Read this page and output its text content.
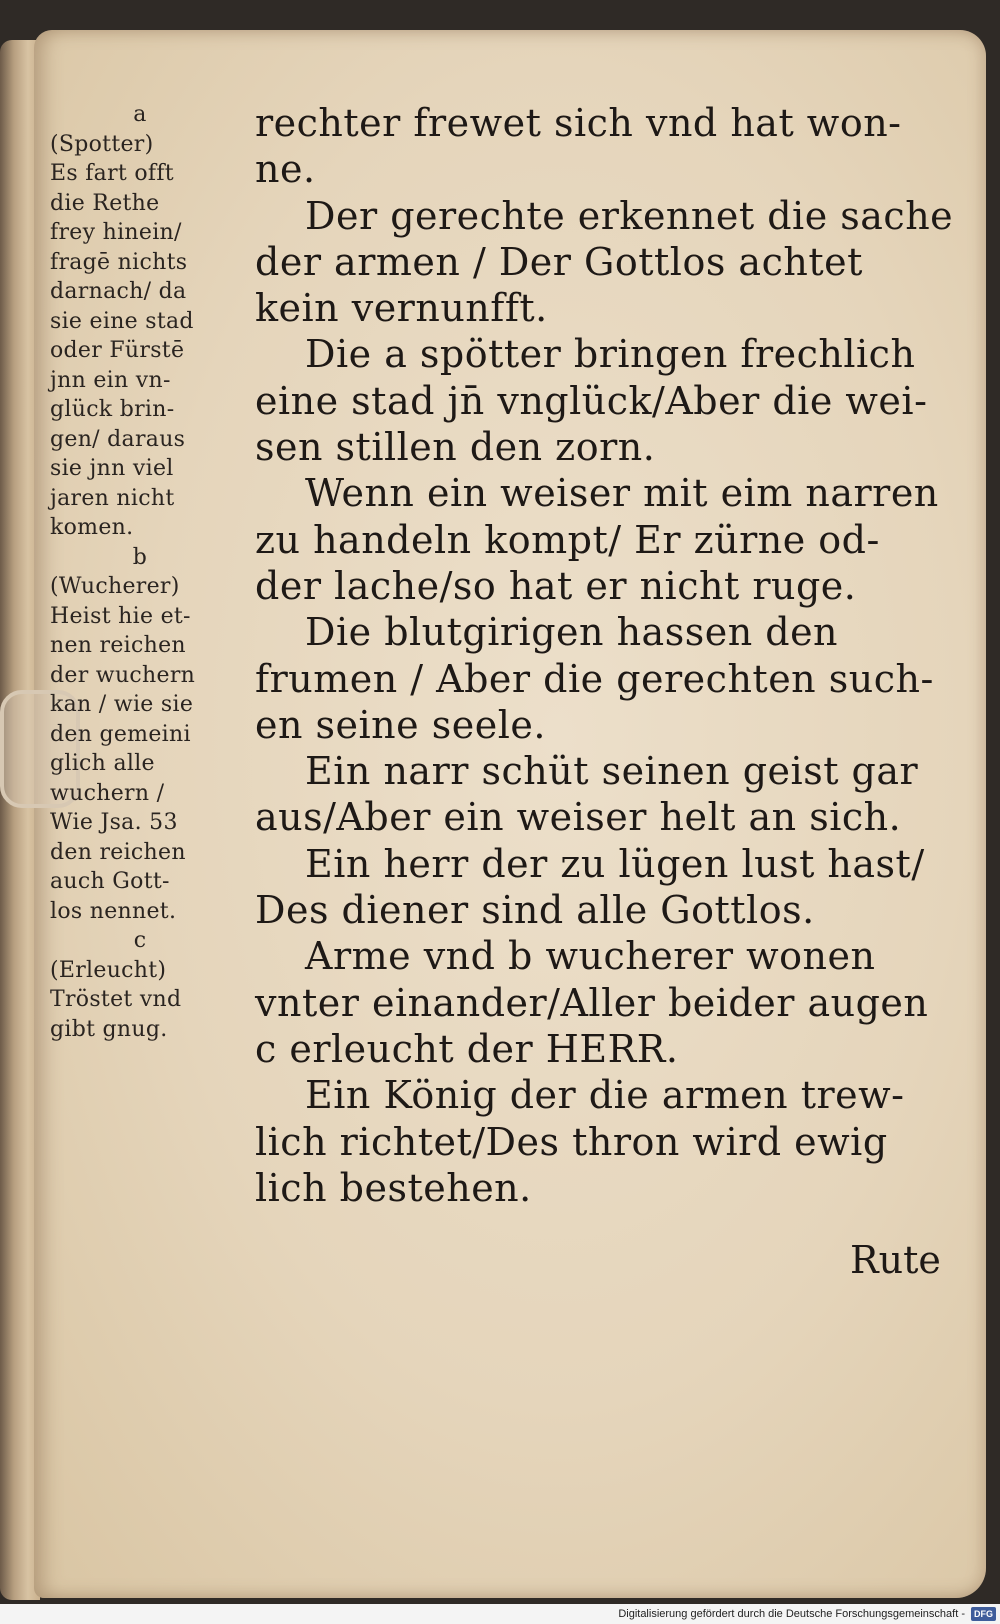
a
(Spotter)
Es fart offt
die Rethe
frey hinein/
fragē nichts
darnach/ da
sie eine stad
oder Fürstē
jnn ein vn-
glück brin-
gen/ daraus
sie jnn viel
jaren nicht
komen.
b
(Wucherer)
Heist hie et-
nen reichen
der wuchern
kan / wie sie
den gemeini
glich alle
wuchern /
Wie Jsa. 53
den reichen
auch Gott-
los nennet.
c
(Erleucht)
Tröstet vnd
gibt gnug.
rechter frewet sich vnd hat won-
ne.
Der gerechte erkennet die sache
der armen / Der Gottlos achtet
kein vernunfft.
Die a spötter bringen frechlich
eine stad jn̄ vnglück/Aber die wei-
sen stillen den zorn.
Wenn ein weiser mit eim narren
zu handeln kompt/ Er zürne od-
der lache/so hat er nicht ruge.
Die blutgirigen hassen den
frumen / Aber die gerechten such-
en seine seele.
Ein narr schüt seinen geist gar
aus/Aber ein weiser helt an sich.
Ein herr der zu lügen lust hast/
Des diener sind alle Gottlos.
Arme vnd b wucherer wonen
vnter einander/Aller beider augen
c erleucht der HERR.
Ein König der die armen trew-
lich richtet/Des thron wird ewig
lich bestehen.
Rute
Digitalisierung gefördert durch die Deutsche Forschungsgemeinschaft - DFG
